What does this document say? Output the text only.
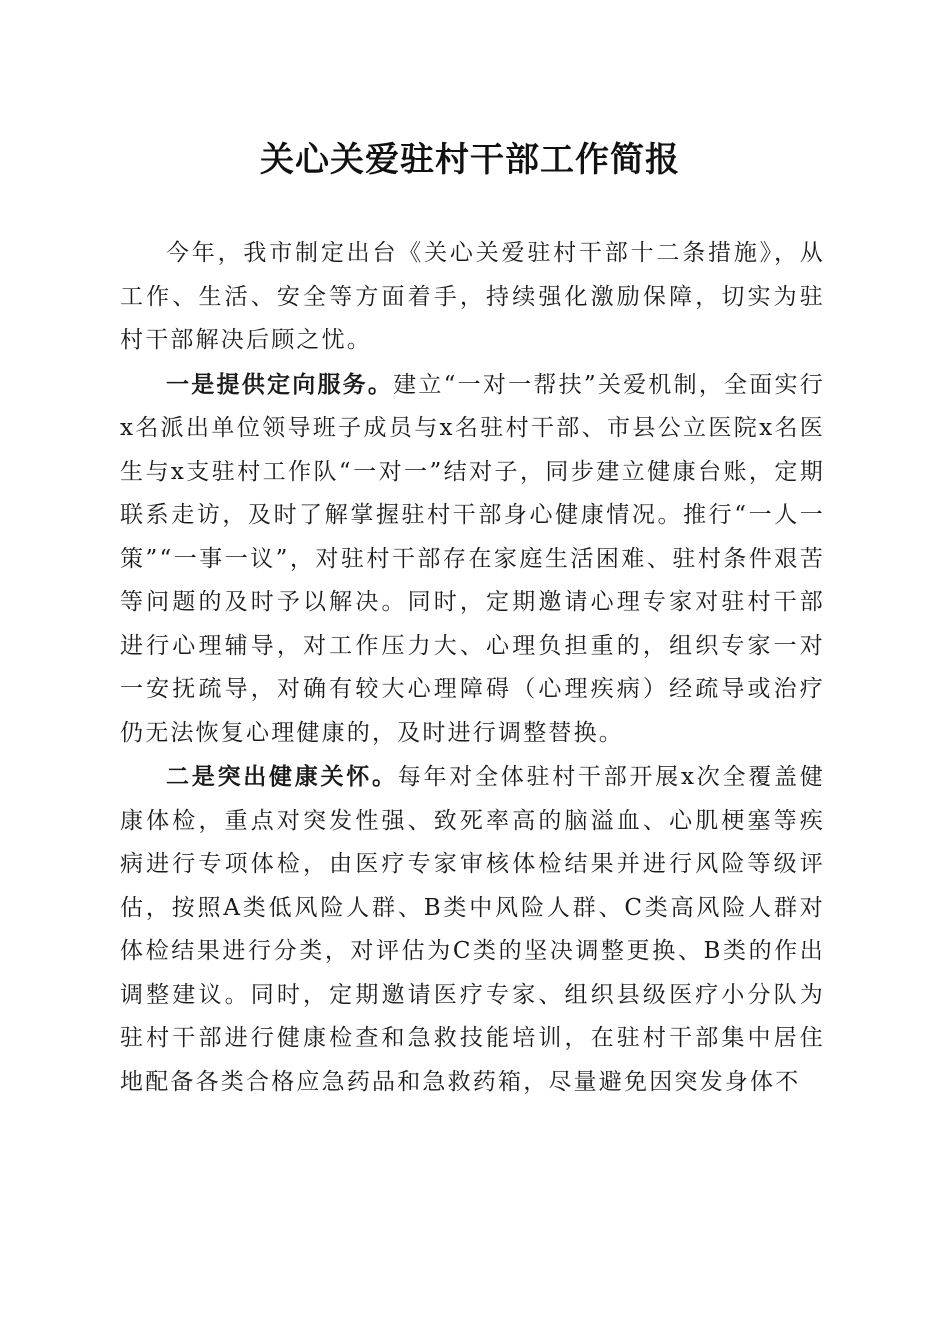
关心关爱驻村干部工作简报

今年，我市制定出台《关心关爱驻村干部十二条措施》，从工作、生活、安全等方面着手，持续强化激励保障，切实为驻村干部解决后顾之忧。

一是提供定向服务。建立“一对一帮扶”关爱机制，全面实行x名派出单位领导班子成员与x名驻村干部、市县公立医院x名医生与x支驻村工作队“一对一”结对子，同步建立健康台账，定期联系走访，及时了解掌握驻村干部身心健康情况。推行“一人一策”“一事一议”，对驻村干部存在家庭生活困难、驻村条件艰苦等问题的及时予以解决。同时，定期邀请心理专家对驻村干部进行心理辅导，对工作压力大、心理负担重的，组织专家一对一安抚疏导，对确有较大心理障碍（心理疾病）经疏导或治疗仍无法恢复心理健康的，及时进行调整替换。

二是突出健康关怀。每年对全体驻村干部开展x次全覆盖健康体检，重点对突发性强、致死率高的脑溢血、心肌梗塞等疾病进行专项体检，由医疗专家审核体检结果并进行风险等级评估，按照A类低风险人群、B类中风险人群、C类高风险人群对体检结果进行分类，对评估为C类的坚决调整更换、B类的作出调整建议。同时，定期邀请医疗专家、组织县级医疗小分队为驻村干部进行健康检查和急救技能培训，在驻村干部集中居住地配备各类合格应急药品和急救药箱，尽量避免因突发身体不
